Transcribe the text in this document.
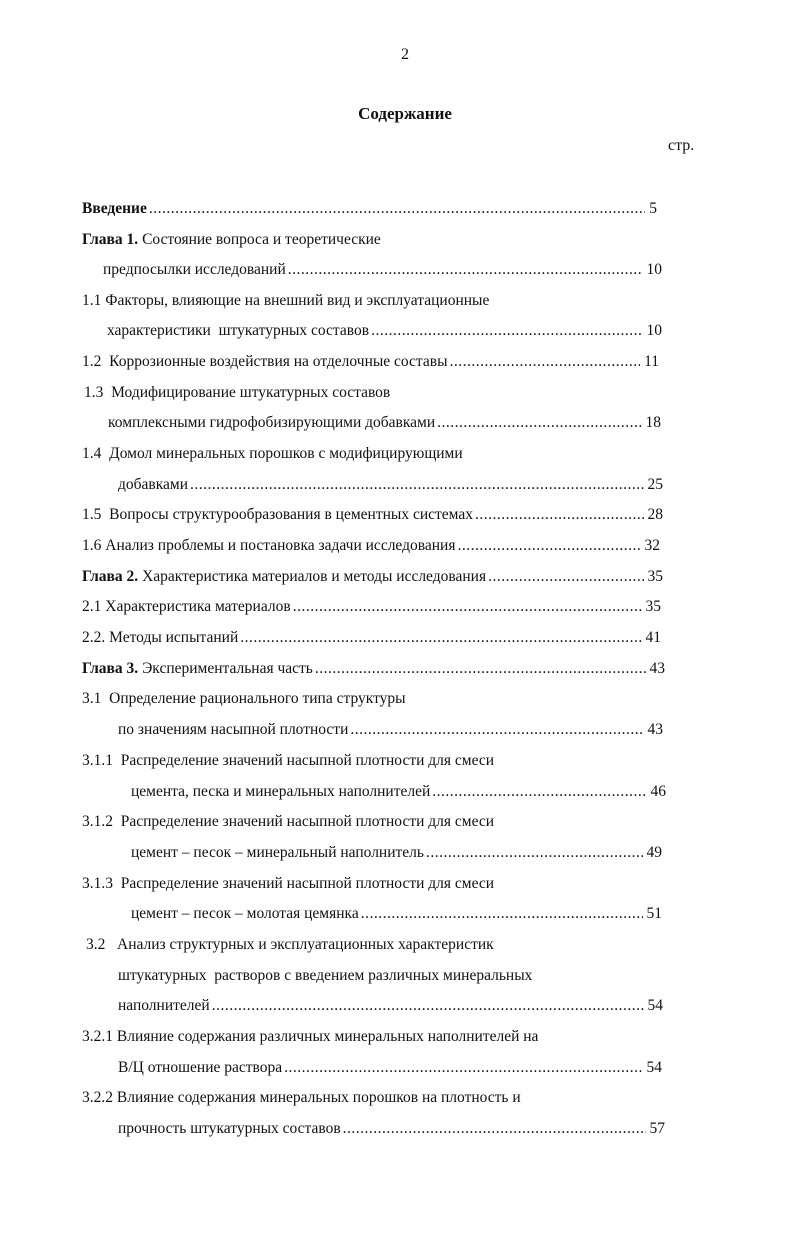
2
Содержание
стр.
Введение .....	5
Глава 1. Состояние вопроса и теоретические
предпосылки исследований .....	10
1.1 Факторы, влияющие на внешний вид и эксплуатационные
характеристики  штукатурных составов .....	10
1.2  Коррозионные воздействия на отделочные составы .....	11
1.3  Модифицирование штукатурных составов
комплексными гидрофобизирующими добавками .....	18
1.4  Домол минеральных порошков с модифицирующими
добавками .....	25
1.5  Вопросы структурообразования в цементных системах .....	28
1.6 Анализ проблемы и постановка задачи исследования .....	32
Глава 2. Характеристика материалов и методы исследования .....	35
2.1 Характеристика материалов .....	35
2.2. Методы испытаний .....	41
Глава 3. Экспериментальная часть .....	43
3.1  Определение рационального типа структуры
по значениям насыпной плотности .....	43
3.1.1  Распределение значений насыпной плотности для смеси
цемента, песка и минеральных наполнителей .....	46
3.1.2  Распределение значений насыпной плотности для смеси
цемент – песок – минеральный наполнитель .....	49
3.1.3  Распределение значений насыпной плотности для смеси
цемент – песок – молотая цемянка .....	51
3.2   Анализ структурных и эксплуатационных характеристик
штукатурных  растворов с введением различных минеральных
наполнителей .....	54
3.2.1 Влияние содержания различных минеральных наполнителей на
В/Ц отношение раствора .....	54
3.2.2 Влияние содержания минеральных порошков на плотность и
прочность штукатурных составов .....	57
